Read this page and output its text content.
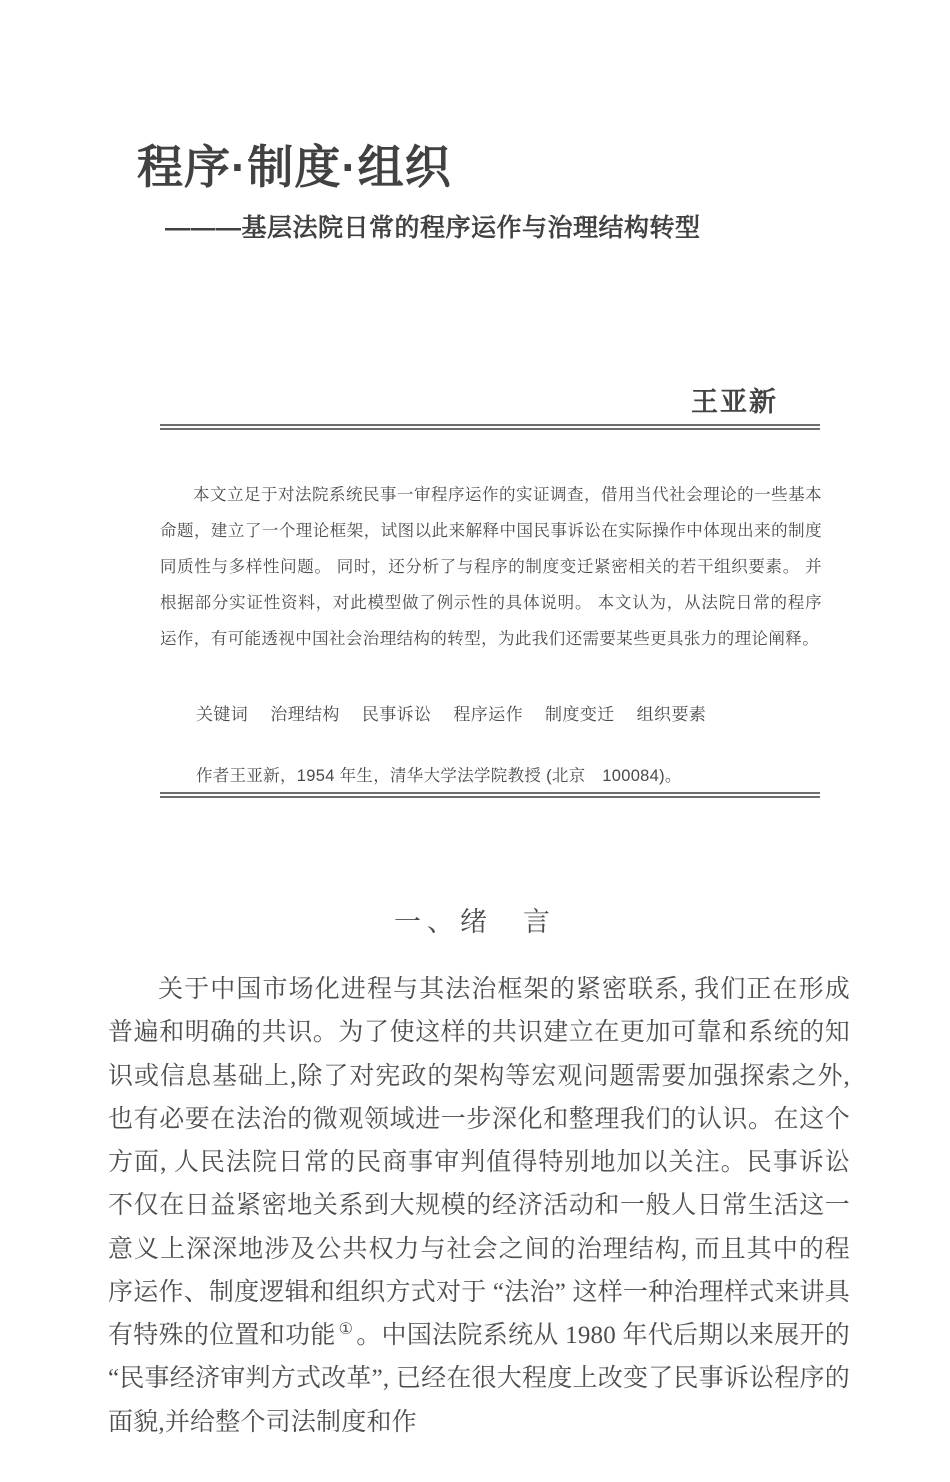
程序·制度·组织
———基层法院日常的程序运作与治理结构转型
王亚新
本文立足于对法院系统民事一审程序运作的实证调查，借用当代社会理论的一些基本命题，建立了一个理论框架，试图以此来解释中国民事诉讼在实际操作中体现出来的制度同质性与多样性问题。 同时，还分析了与程序的制度变迁紧密相关的若干组织要素。 并根据部分实证性资料，对此模型做了例示性的具体说明。 本文认为，从法院日常的程序运作，有可能透视中国社会治理结构的转型，为此我们还需要某些更具张力的理论阐释。
关键词 治理结构 民事诉讼 程序运作 制度变迁 组织要素
作者王亚新，1954 年生，清华大学法学院教授 (北京　100084)。
一、绪 言
关于中国市场化进程与其法治框架的紧密联系, 我们正在形成普遍和明确的共识。为了使这样的共识建立在更加可靠和系统的知识或信息基础上,除了对宪政的架构等宏观问题需要加强探索之外,也有必要在法治的微观领域进一步深化和整理我们的认识。在这个方面, 人民法院日常的民商事审判值得特别地加以关注。民事诉讼不仅在日益紧密地关系到大规模的经济活动和一般人日常生活这一意义上深深地涉及公共权力与社会之间的治理结构, 而且其中的程序运作、制度逻辑和组织方式对于 “法治” 这样一种治理样式来讲具有特殊的位置和功能 ① 。中国法院系统从 1980 年代后期以来展开的 “民事经济审判方式改革”, 已经在很大程度上改变了民事诉讼程序的面貌,并给整个司法制度和作
